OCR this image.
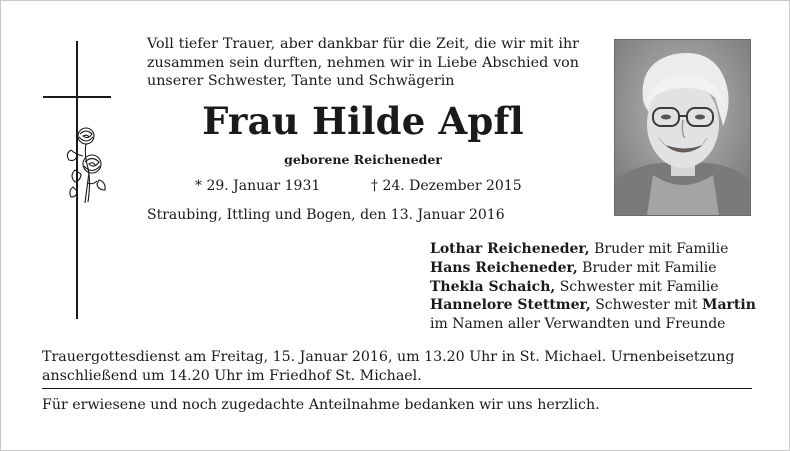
Voll tiefer Trauer, aber dankbar für die Zeit, die wir mit ihr zusammen sein durften, nehmen wir in Liebe Abschied von unserer Schwester, Tante und Schwägerin
Frau Hilde Apfl
geborene Reicheneder
* 29. Januar 1931	† 24. Dezember 2015
Straubing, Ittling und Bogen, den 13. Januar 2016
Lothar Reicheneder, Bruder mit Familie
Hans Reicheneder, Bruder mit Familie
Thekla Schaich, Schwester mit Familie
Hannelore Stettmer, Schwester mit Martin
im Namen aller Verwandten und Freunde
Trauergottesdienst am Freitag, 15. Januar 2016, um 13.20 Uhr in St. Michael. Urnenbeisetzung anschließend um 14.20 Uhr im Friedhof St. Michael.
Für erwiesene und noch zugedachte Anteilnahme bedanken wir uns herzlich.
